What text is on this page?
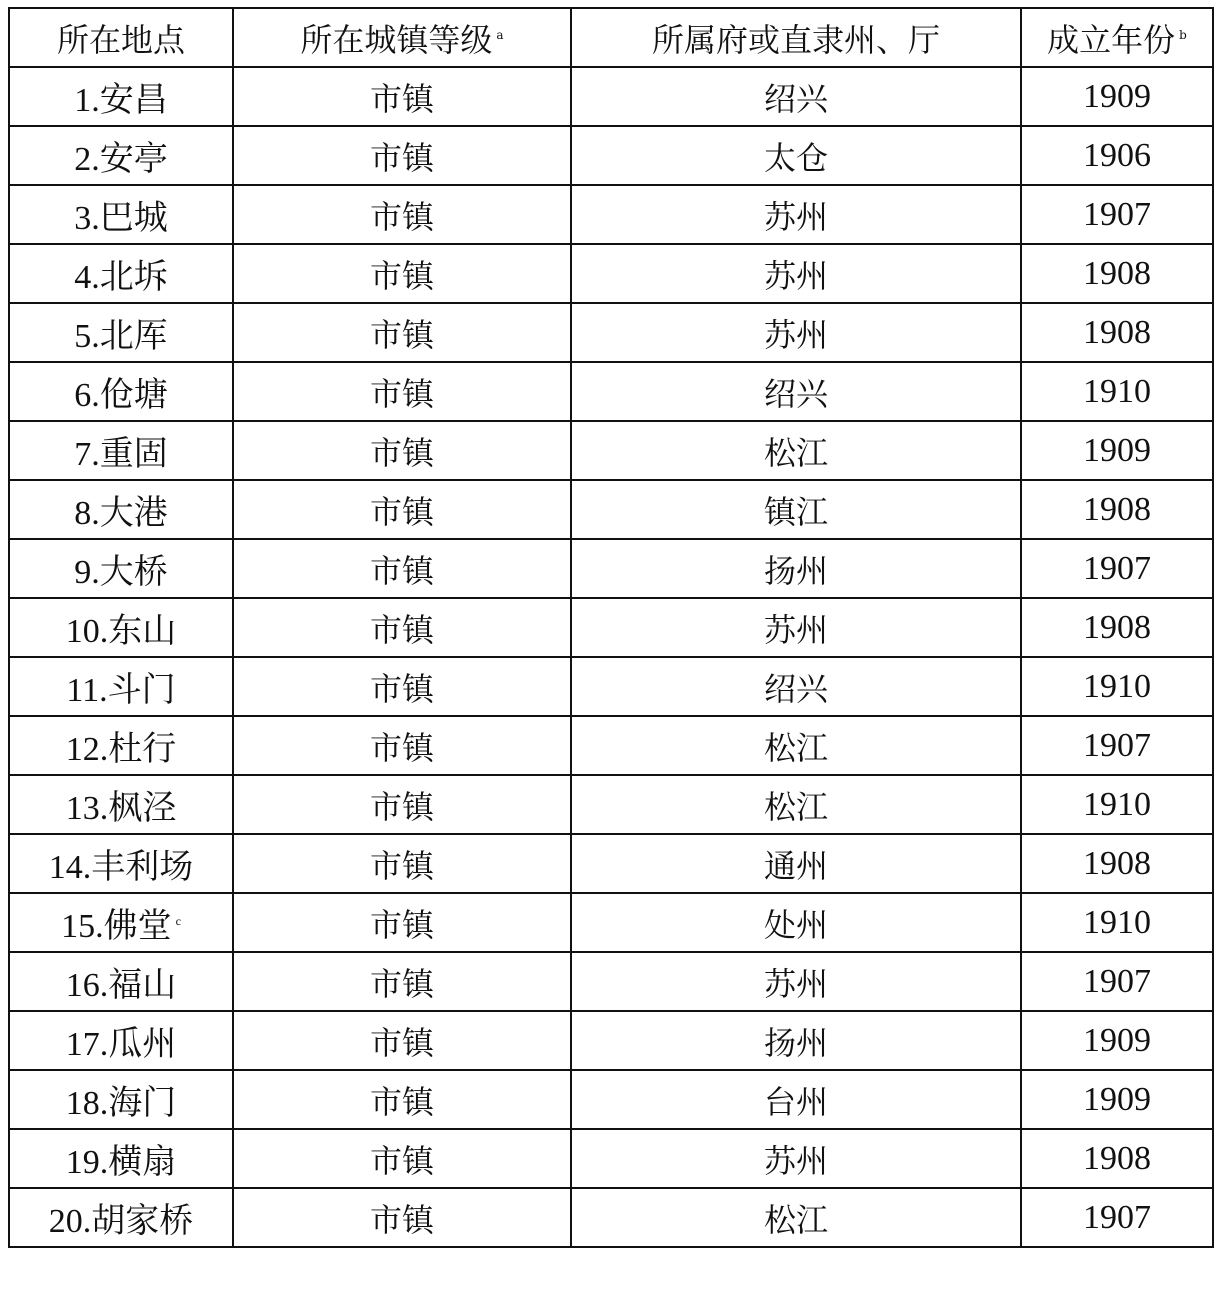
所在地点	所在城镇等级 $^a$	所属府或直隶州、厅	成立年份 $^b$
1.安昌	市镇	绍兴	1909
2.安亭	市镇	太仓	1906
3.巴城	市镇	苏州	1907
4.北坼	市镇	苏州	1908
5.北厍	市镇	苏州	1908
6.伧塘	市镇	绍兴	1910
7.重固	市镇	松江	1909
8.大港	市镇	镇江	1908
9.大桥	市镇	扬州	1907
10.东山	市镇	苏州	1908
11.斗门	市镇	绍兴	1910
12.杜行	市镇	松江	1907
13.枫泾	市镇	松江	1910
14.丰利场	市镇	通州	1908
15.佛堂 $^c$	市镇	处州	1910
16.福山	市镇	苏州	1907
17.瓜州	市镇	扬州	1909
18.海门	市镇	台州	1909
19.横扇	市镇	苏州	1908
20.胡家桥	市镇	松江	1907
